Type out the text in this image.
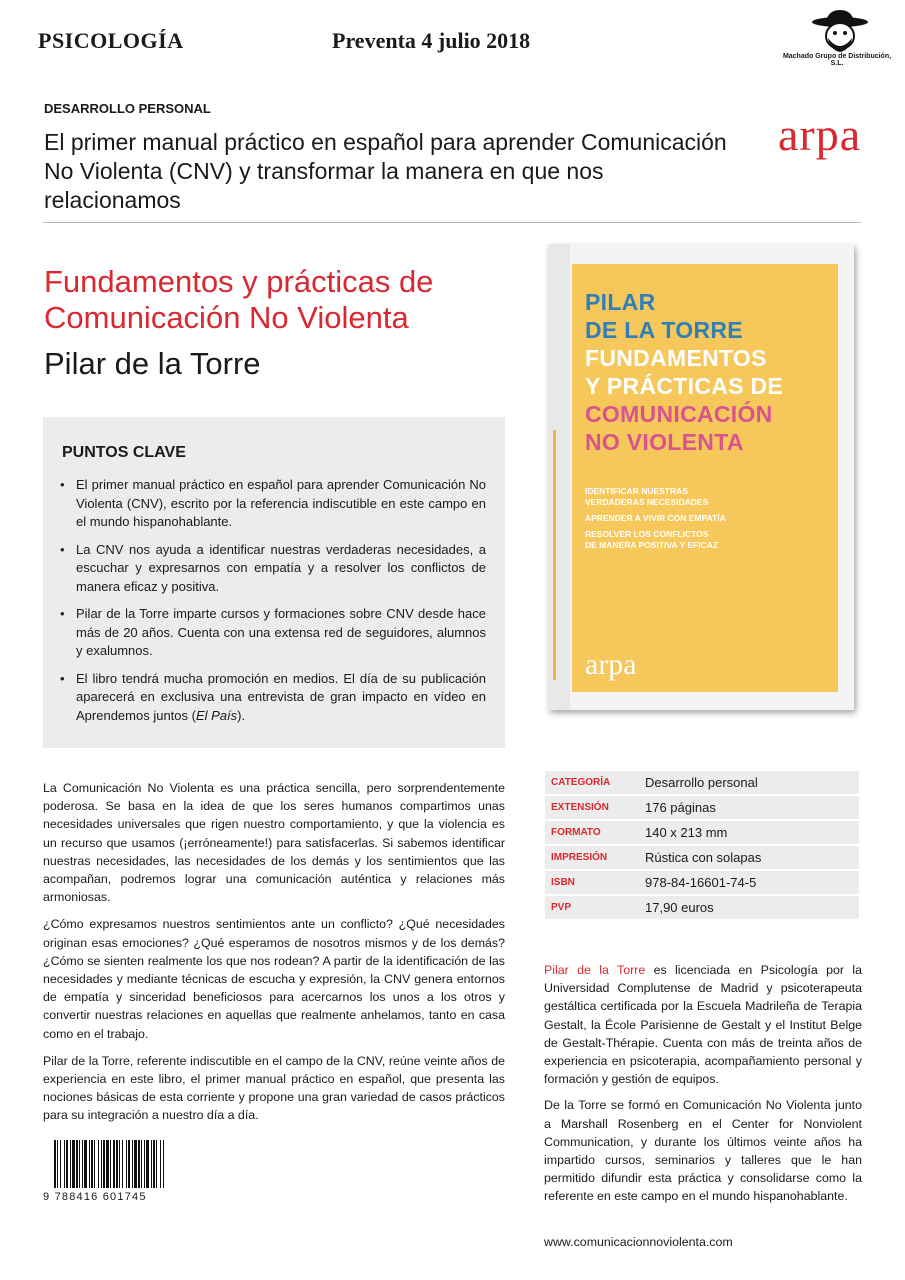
PSICOLOGÍA	Preventa 4 julio 2018
Machado Grupo de Distribución, S.L.
arpa
DESARROLLO PERSONAL
El primer manual práctico en español para aprender Comunicación No Violenta (CNV) y transformar la manera en que nos relacionamos
Fundamentos y prácticas de Comunicación No Violenta
Pilar de la Torre
PUNTOS CLAVE
• El primer manual práctico en español para aprender Comunicación No Violenta (CNV), escrito por la referencia indiscutible en este campo en el mundo hispanohablante.
• La CNV nos ayuda a identificar nuestras verdaderas necesidades, a escuchar y expresarnos con empatía y a resolver los conflictos de manera eficaz y positiva.
• Pilar de la Torre imparte cursos y formaciones sobre CNV desde hace más de 20 años. Cuenta con una extensa red de seguidores, alumnos y exalumnos.
• El libro tendrá mucha promoción en medios. El día de su publicación aparecerá en exclusiva una entrevista de gran impacto en vídeo en Aprendemos juntos (El País).
PILAR
DE LA TORRE
FUNDAMENTOS
Y PRÁCTICAS DE
COMUNICACIÓN
NO VIOLENTA
IDENTIFICAR NUESTRAS
VERDADERAS NECESIDADES
APRENDER A VIVIR CON EMPATÍA
RESOLVER LOS CONFLICTOS
DE MANERA POSITIVA Y EFICAZ
arpa
CATEGORÍA	Desarrollo personal
EXTENSIÓN	176 páginas
FORMATO	140 x 213 mm
IMPRESIÓN	Rústica con solapas
ISBN	978-84-16601-74-5
PVP	17,90 euros

La Comunicación No Violenta es una práctica sencilla, pero sorprendentemente poderosa. Se basa en la idea de que los seres humanos compartimos unas necesidades universales que rigen nuestro comportamiento, y que la violencia es un recurso que usamos (¡erróneamente!) para satisfacerlas. Si sabemos identificar nuestras necesidades, las necesidades de los demás y los sentimientos que las acompañan, podremos lograr una comunicación auténtica y relaciones más armoniosas.

¿Cómo expresamos nuestros sentimientos ante un conflicto? ¿Qué necesidades originan esas emociones? ¿Qué esperamos de nosotros mismos y de los demás? ¿Cómo se sienten realmente los que nos rodean? A partir de la identificación de las necesidades y mediante técnicas de escucha y expresión, la CNV genera entornos de empatía y sinceridad beneficiosos para acercarnos los unos a los otros y convertir nuestras relaciones en aquellas que realmente anhelamos, tanto en casa como en el trabajo.

Pilar de la Torre, referente indiscutible en el campo de la CNV, reúne veinte años de experiencia en este libro, el primer manual práctico en español, que presenta las nociones básicas de esta corriente y propone una gran variedad de casos prácticos para su integración a nuestro día a día.

Pilar de la Torre es licenciada en Psicología por la Universidad Complutense de Madrid y psicoterapeuta gestáltica certificada por la Escuela Madrileña de Terapia Gestalt, la École Parisienne de Gestalt y el Institut Belge de Gestalt-Thérapie. Cuenta con más de treinta años de experiencia en psicoterapia, acompañamiento personal y formación y gestión de equipos.

De la Torre se formó en Comunicación No Violenta junto a Marshall Rosenberg en el Center for Nonviolent Communication, y durante los últimos veinte años ha impartido cursos, seminarios y talleres que le han permitido difundir esta práctica y consolidarse como la referente en este campo en el mundo hispanohablante.

www.comunicacionnoviolenta.com
9 788416 601745
